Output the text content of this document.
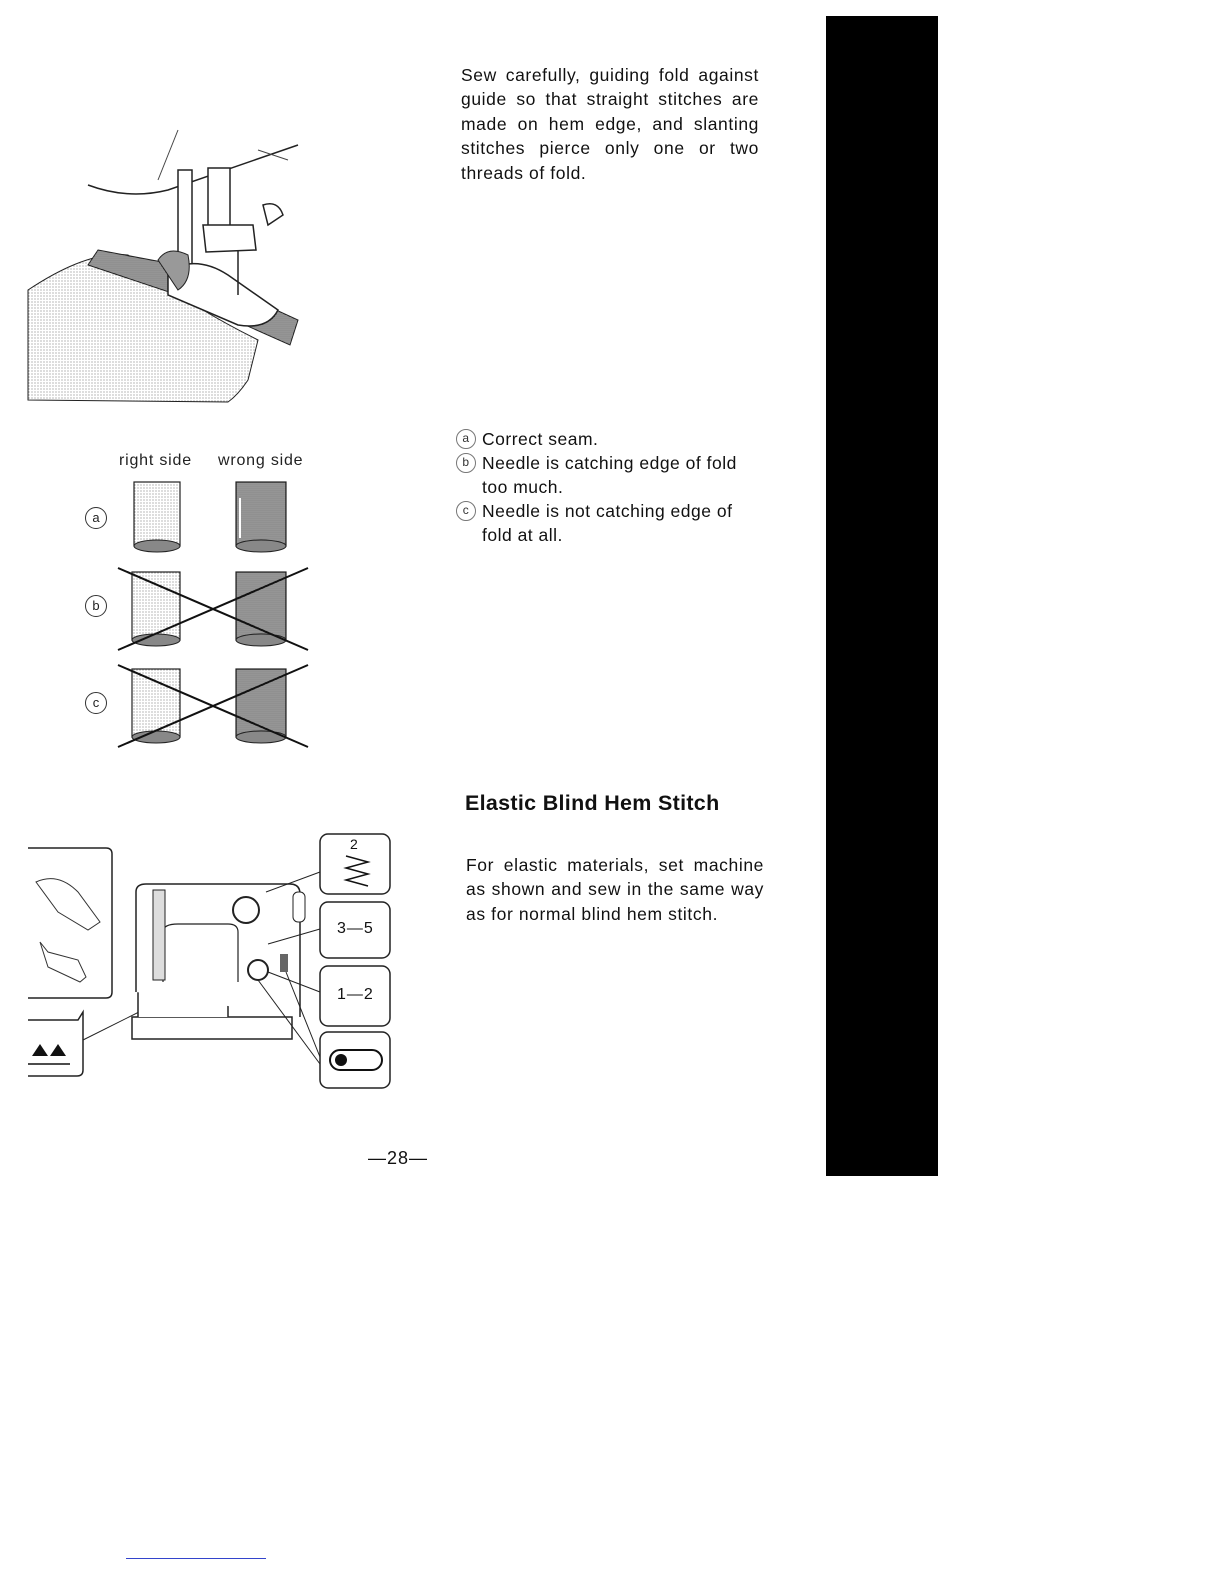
Sew carefully, guiding fold against guide so that straight stitches are made on hem edge, and slanting stitches pierce only one or two threads of fold.

right side wrong side
a
b
c
a Correct seam.
b Needle is catching edge of fold too much.
c Needle is not catching edge of fold at all.
Elastic Blind Hem Stitch

For elastic materials, set machine as shown and sew in the same way as for normal blind hem stitch.

2
3—5
1—2
—28—
